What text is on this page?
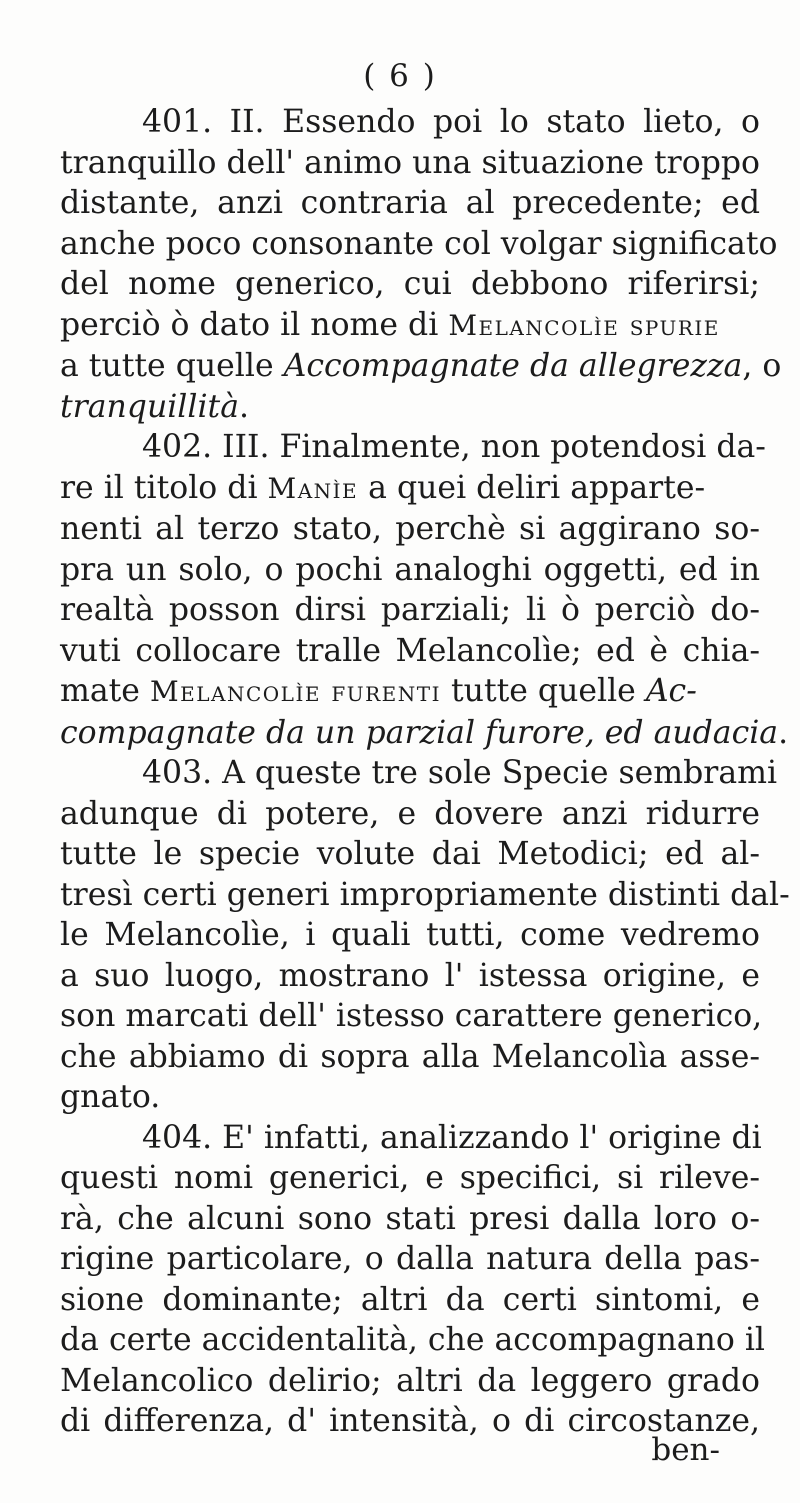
( 6 )
401. II. Essendo poi lo stato lieto, o
tranquillo dell' animo una situazione troppo
distante, anzi contraria al precedente; ed
anche poco consonante col volgar significato
del nome generico, cui debbono riferirsi;
perciò ò dato il nome di Melancolìe spurie
a tutte quelle Accompagnate da allegrezza, o
tranquillità.
402. III. Finalmente, non potendosi da-
re il titolo di Manìe a quei deliri apparte-
nenti al terzo stato, perchè si aggirano so-
pra un solo, o pochi analoghi oggetti, ed in
realtà posson dirsi parziali; li ò perciò do-
vuti collocare tralle Melancolìe; ed è chia-
mate Melancolìe furenti tutte quelle Ac-
compagnate da un parzial furore, ed audacia.
403. A queste tre sole Specie sembrami
adunque di potere, e dovere anzi ridurre
tutte le specie volute dai Metodici; ed al-
tresì certi generi impropriamente distinti dal-
le Melancolìe, i quali tutti, come vedremo
a suo luogo, mostrano l' istessa origine, e
son marcati dell' istesso carattere generico,
che abbiamo di sopra alla Melancolìa asse-
gnato.
404. E' infatti, analizzando l' origine di
questi nomi generici, e specifici, si rileve-
rà, che alcuni sono stati presi dalla loro o-
rigine particolare, o dalla natura della pas-
sione dominante; altri da certi sintomi, e
da certe accidentalità, che accompagnano il
Melancolico delirio; altri da leggero grado
di differenza, d' intensità, o di circostanze,
ben-
